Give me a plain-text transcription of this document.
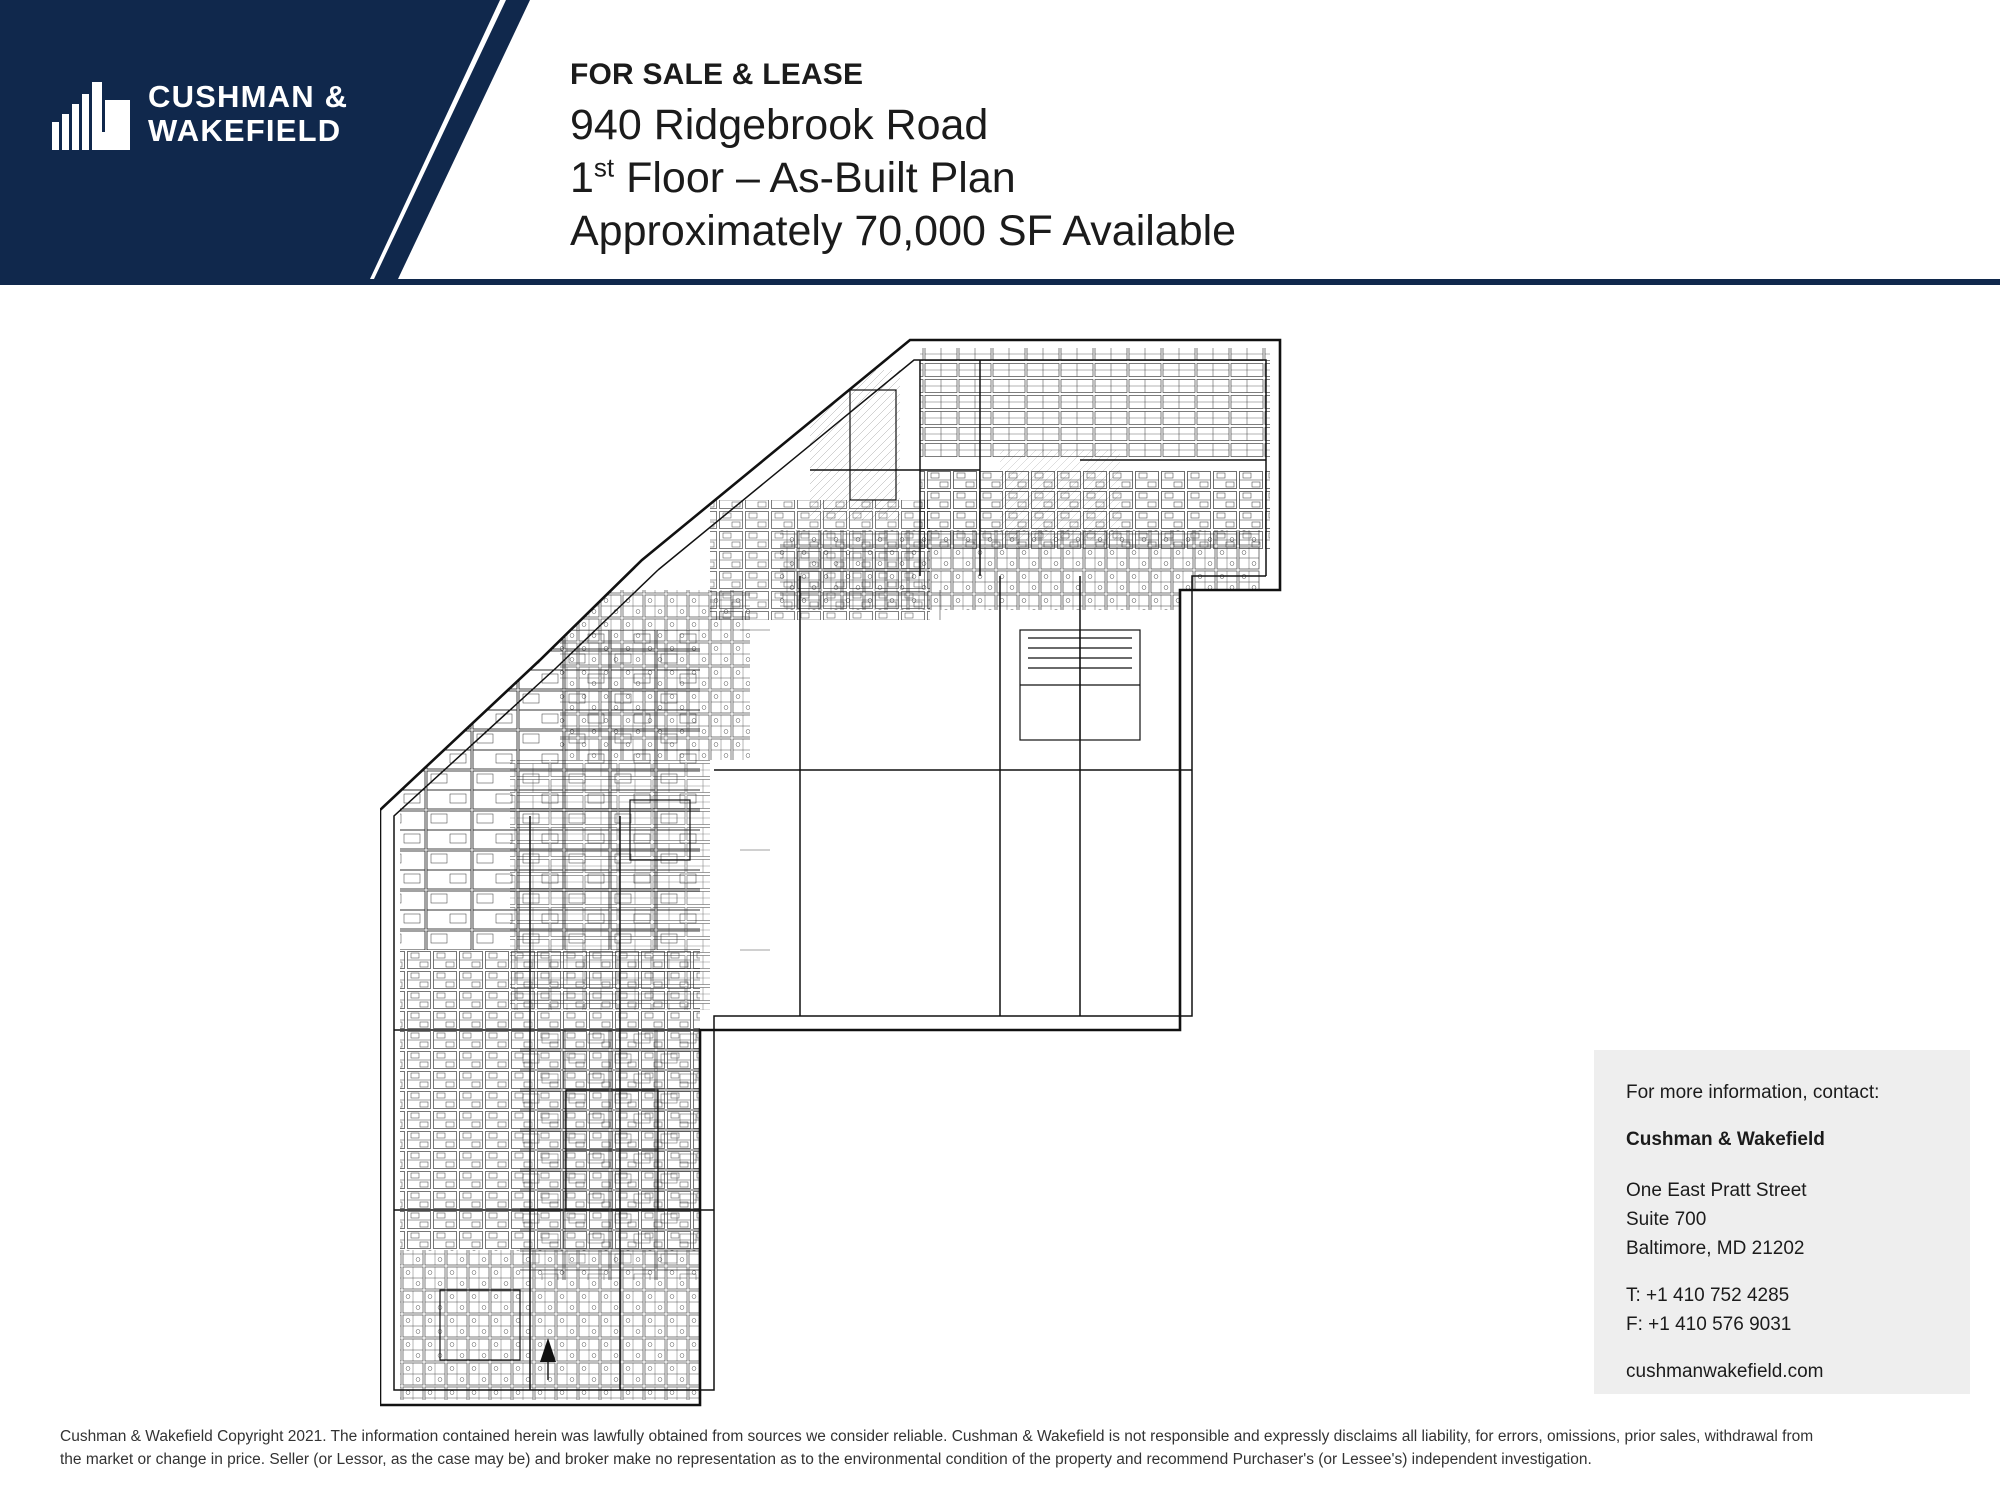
CUSHMAN &
WAKEFIELD
FOR SALE & LEASE
940 Ridgebrook Road
1st Floor – As-Built Plan
Approximately 70,000 SF Available
For more information, contact:
Cushman & Wakefield
One East Pratt Street
Suite 700
Baltimore, MD 21202
T: +1 410 752 4285
F: +1 410 576 9031
cushmanwakefield.com
Cushman & Wakefield Copyright 2021. The information contained herein was lawfully obtained from sources we consider reliable. Cushman & Wakefield is not responsible and expressly disclaims all liability, for errors, omissions, prior sales, withdrawal from
the market or change in price. Seller (or Lessor, as the case may be) and broker make no representation as to the environmental condition of the property and recommend Purchaser's (or Lessee's) independent investigation.
